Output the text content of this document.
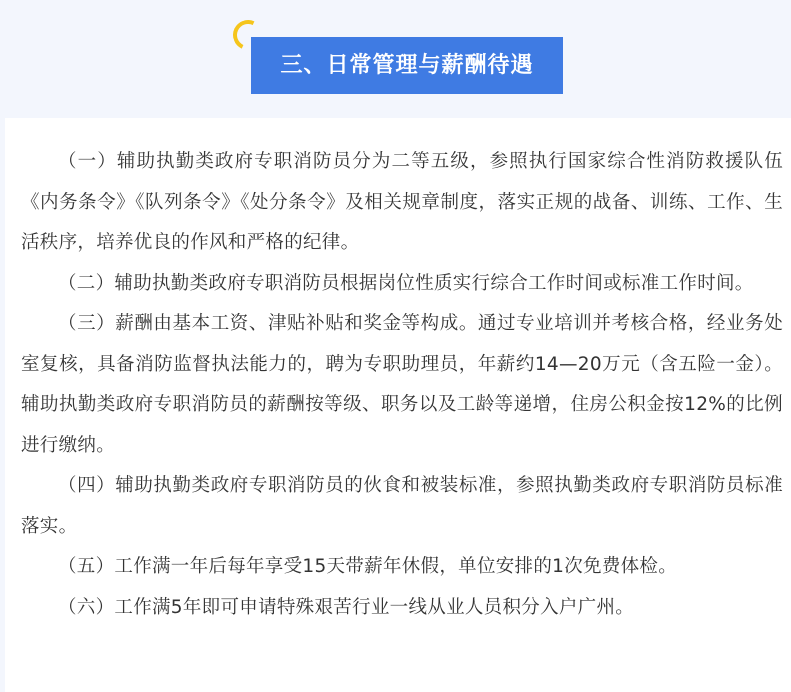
三、日常管理与薪酬待遇

（一）辅助执勤类政府专职消防员分为二等五级，参照执行国家综合性消防救援队伍《内务条令》《队列条令》《处分条令》及相关规章制度，落实正规的战备、训练、工作、生活秩序，培养优良的作风和严格的纪律。

（二）辅助执勤类政府专职消防员根据岗位性质实行综合工作时间或标准工作时间。

（三）薪酬由基本工资、津贴补贴和奖金等构成。通过专业培训并考核合格，经业务处室复核，具备消防监督执法能力的，聘为专职助理员，年薪约14—20万元（含五险一金）。辅助执勤类政府专职消防员的薪酬按等级、职务以及工龄等递增，住房公积金按12%的比例进行缴纳。

（四）辅助执勤类政府专职消防员的伙食和被装标准，参照执勤类政府专职消防员标准落实。

（五）工作满一年后每年享受15天带薪年休假，单位安排的1次免费体检。

（六）工作满5年即可申请特殊艰苦行业一线从业人员积分入户广州。
